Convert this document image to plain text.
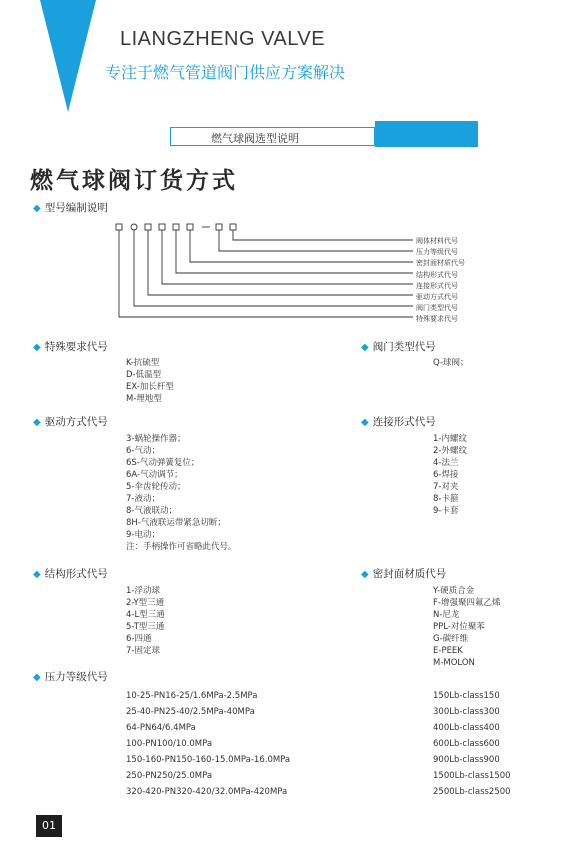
LIANGZHENG VALVE
专注于燃气管道阀门供应方案解决
燃气球阀选型说明
燃气球阀订货方式
◆ 型号编制说明
阀体材料代号
压力等级代号
密封面材质代号
结构形式代号
连接形式代号
驱动方式代号
阀门类型代号
特殊要求代号
◆ 特殊要求代号
K-抗硫型
D-低温型
EX-加长杆型
M-埋地型
◆ 阀门类型代号
Q-球阀；
◆ 驱动方式代号
3-蜗轮操作器；
6-气动；
6S-气动弹簧复位；
6A-气动调节；
5-伞齿轮传动；
7-液动；
8-气液联动；
8H-气液联运带紧急切断；
9-电动；
注：手柄操作可省略此代号。
◆ 连接形式代号
1-内螺纹
2-外螺纹
4-法兰
6-焊接
7-对夹
8-卡箍
9-卡套
◆ 结构形式代号
1-浮动球
2-Y型三通
4-L型三通
5-T型三通
6-四通
7-固定球
◆ 密封面材质代号
Y-硬质合金
F-增强聚四氟乙烯
N-尼龙
PPL-对位聚苯
G-碳纤维
E-PEEK
M-MOLON
◆ 压力等级代号
10-25-PN16-25/1.6MPa-2.5MPa
25-40-PN25-40/2.5MPa-40MPa
64-PN64/6.4MPa
100-PN100/10.0MPa
150-160-PN150-160-15.0MPa-16.0MPa
250-PN250/25.0MPa
320-420-PN320-420/32.0MPa-420MPa
150Lb-class150
300Lb-class300
400Lb-class400
600Lb-class600
900Lb-class900
1500Lb-class1500
2500Lb-class2500
01
